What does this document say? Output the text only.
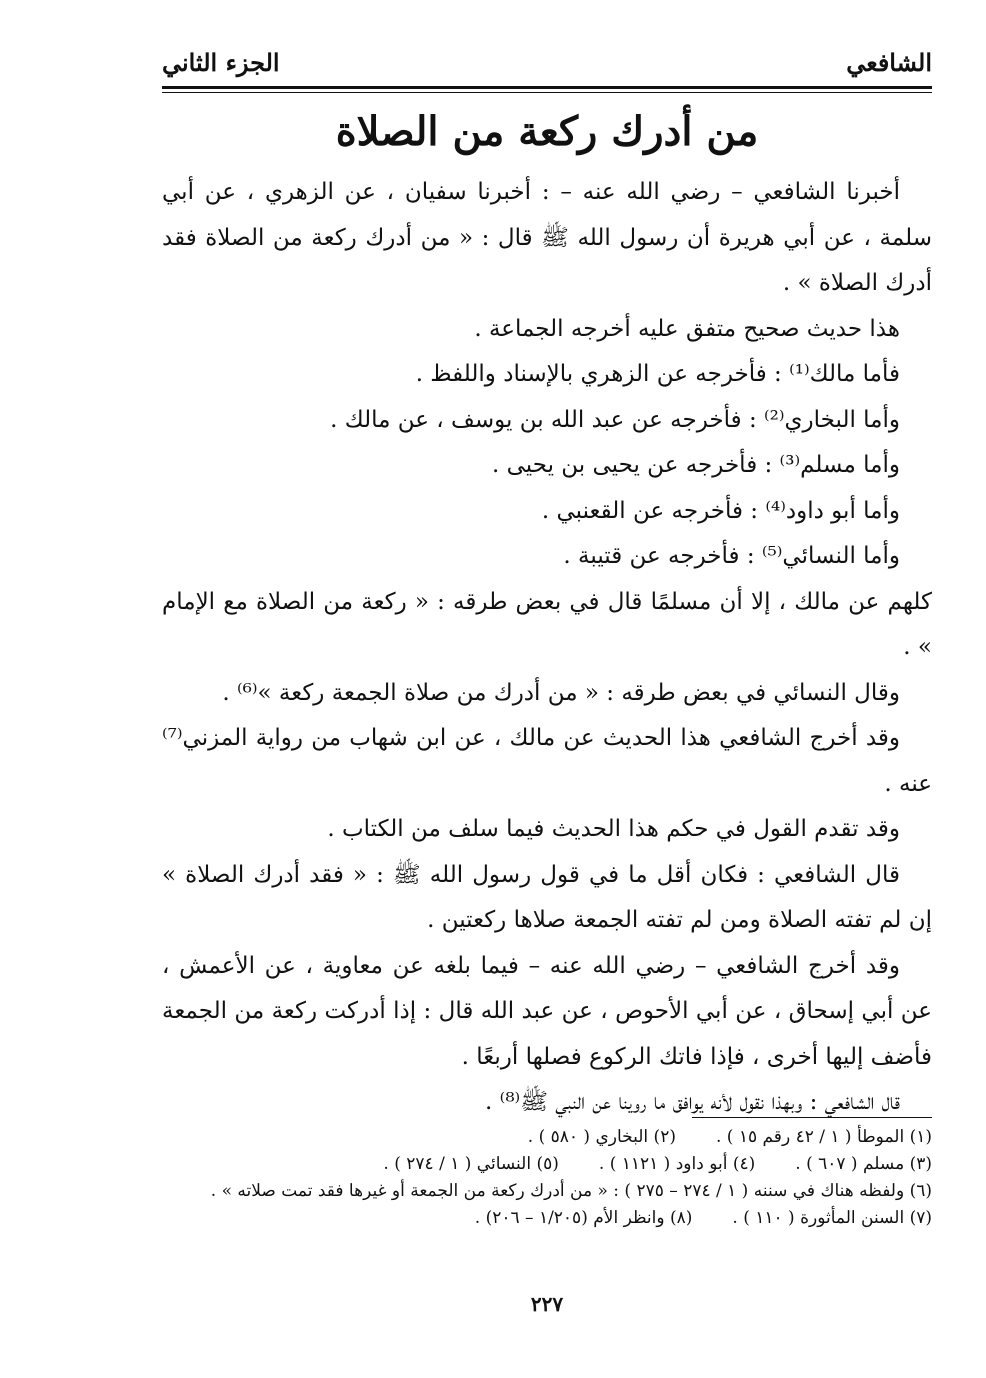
الشافعي
الجزء الثاني
من أدرك ركعة من الصلاة

أخبرنا الشافعي – رضي الله عنه – : أخبرنا سفيان ، عن الزهري ، عن أبي سلمة ، عن أبي هريرة أن رسول الله ﷺ قال : « من أدرك ركعة من الصلاة فقد أدرك الصلاة » .

هذا حديث صحيح متفق عليه أخرجه الجماعة .

فأما مالك⁽¹⁾ : فأخرجه عن الزهري بالإسناد واللفظ .

وأما البخاري⁽²⁾ : فأخرجه عن عبد الله بن يوسف ، عن مالك .

وأما مسلم⁽³⁾ : فأخرجه عن يحيى بن يحيى .

وأما أبو داود⁽⁴⁾ : فأخرجه عن القعنبي .

وأما النسائي⁽⁵⁾ : فأخرجه عن قتيبة .

كلهم عن مالك ، إلا أن مسلمًا قال في بعض طرقه : « ركعة من الصلاة مع الإمام » .

وقال النسائي في بعض طرقه : « من أدرك من صلاة الجمعة ركعة »⁽⁶⁾ .

وقد أخرج الشافعي هذا الحديث عن مالك ، عن ابن شهاب من رواية المزني⁽⁷⁾ عنه .

وقد تقدم القول في حكم هذا الحديث فيما سلف من الكتاب .

قال الشافعي : فكان أقل ما في قول رسول الله ﷺ : « فقد أدرك الصلاة » إن لم تفته الصلاة ومن لم تفته الجمعة صلاها ركعتين .

وقد أخرج الشافعي – رضي الله عنه – فيما بلغه عن معاوية ، عن الأعمش ، عن أبي إسحاق ، عن أبي الأحوص ، عن عبد الله قال : إذا أدركت ركعة من الجمعة فأضف إليها أخرى ، فإذا فاتك الركوع فصلها أربعًا .

قال الشافعي : وبهذا نقول لأنه يوافق ما روينا عن النبي ﷺ⁽⁸⁾ .

(١) الموطأ ( ١ / ٤٢ رقم ١٥ ) .
(٢) البخاري ( ٥٨٠ ) .
(٣) مسلم ( ٦٠٧ ) .
(٤) أبو داود ( ١١٢١ ) .
(٥) النسائي ( ١ / ٢٧٤ ) .
(٦) ولفظه هناك في سننه ( ١ / ٢٧٤ – ٢٧٥ ) : « من أدرك ركعة من الجمعة أو غيرها فقد تمت صلاته » .
(٧) السنن المأثورة ( ١١٠ ) .
(٨) وانظر الأم (١/٢٠٥ – ٢٠٦) .
٢٢٧
